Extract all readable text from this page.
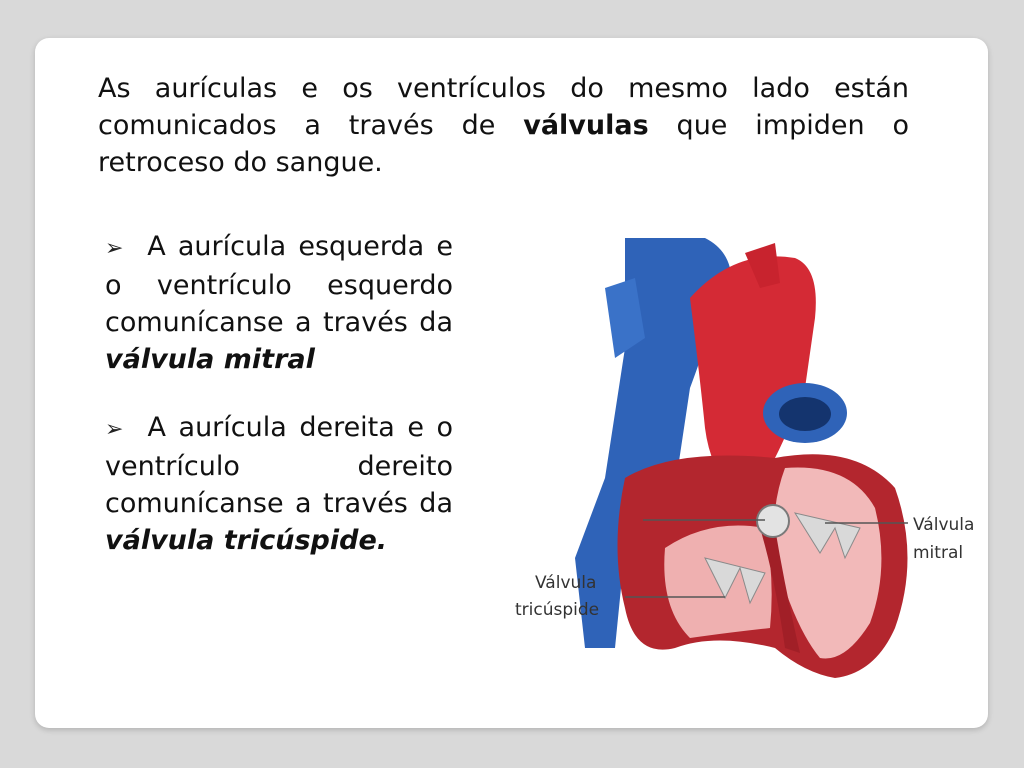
As aurículas e os ventrículos do mesmo lado están comunicados a través de válvulas que impiden o retroceso do sangue.

➢ A aurícula esquerda e o ventrículo esquerdo comunícanse a través da válvula mitral

➢ A aurícula dereita e o ventrículo dereito comunícanse a través da válvula tricúspide.	Válvula
mitral
Válvula
tricúspide
